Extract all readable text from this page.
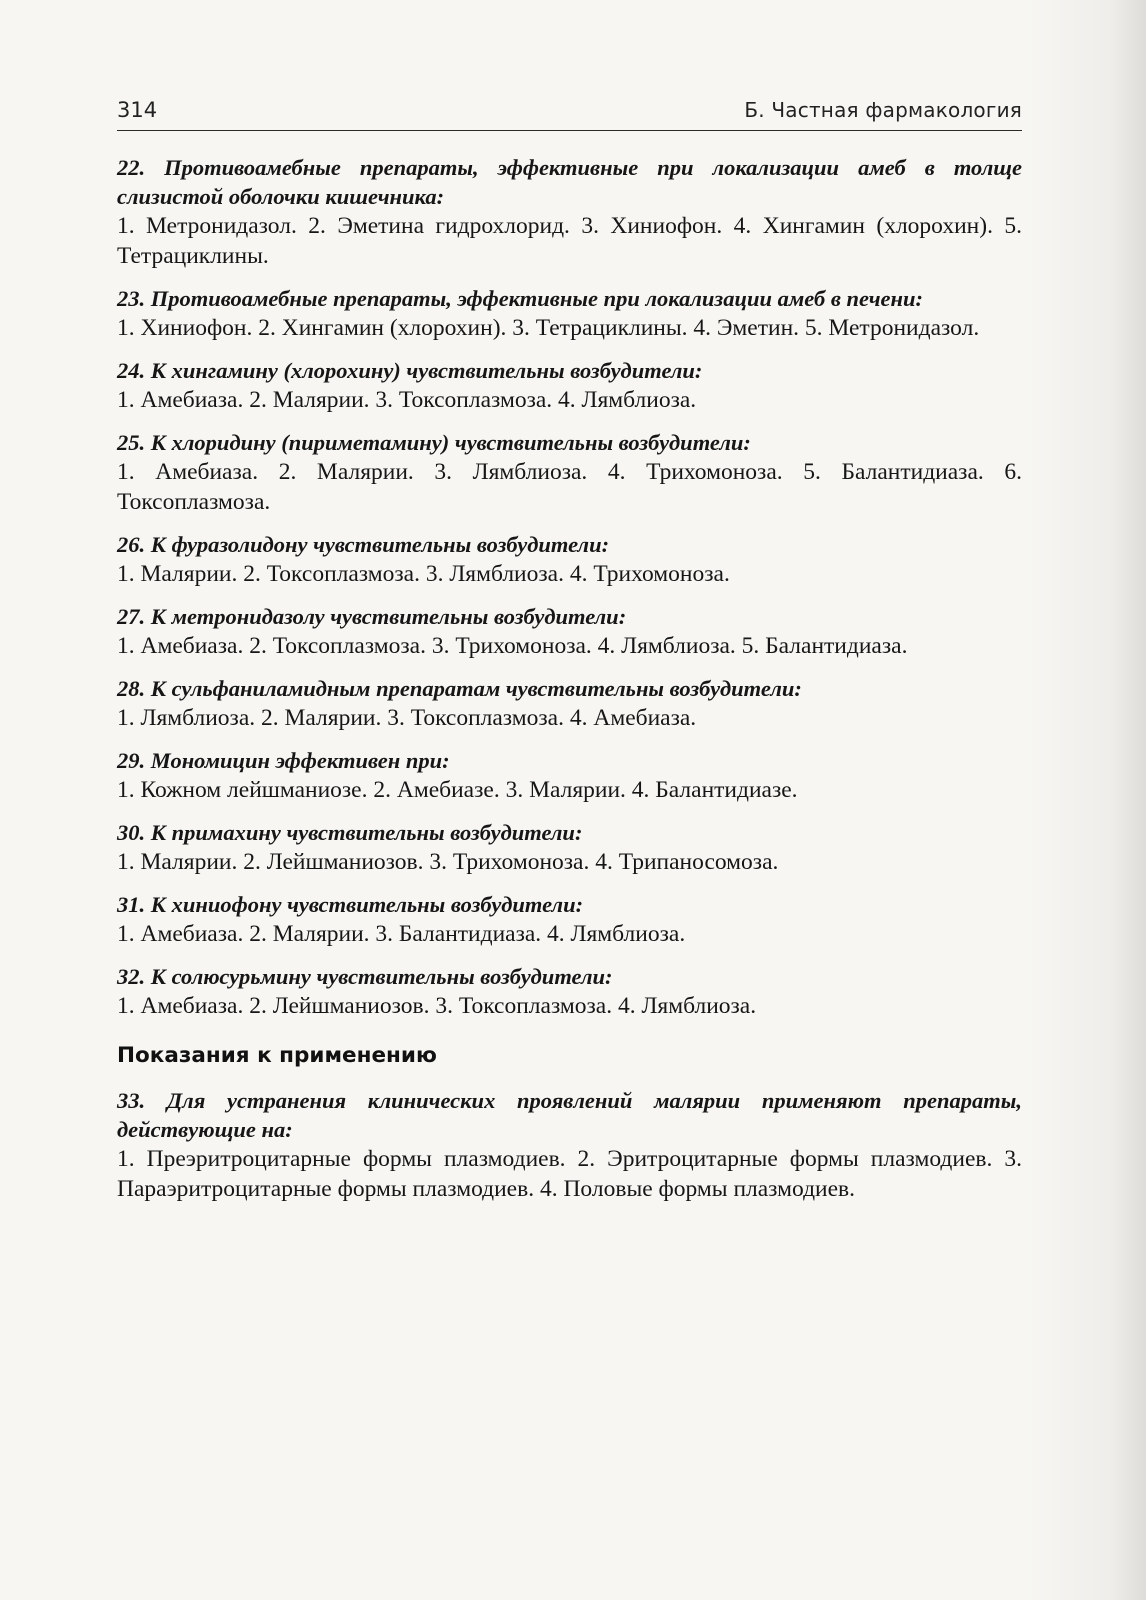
314	Б. Частная фармакология
22. Противоамебные препараты, эффективные при локализации амеб в толще слизистой оболочки кишечника:
1. Метронидазол. 2. Эметина гидрохлорид. 3. Хиниофон. 4. Хингамин (хлорохин). 5. Тетрациклины.
23. Противоамебные препараты, эффективные при локализации амеб в печени:
1. Хиниофон. 2. Хингамин (хлорохин). 3. Тетрациклины. 4. Эметин. 5. Метронидазол.
24. К хингамину (хлорохину) чувствительны возбудители:
1. Амебиаза. 2. Малярии. 3. Токсоплазмоза. 4. Лямблиоза.
25. К хлоридину (пириметамину) чувствительны возбудители:
1. Амебиаза. 2. Малярии. 3. Лямблиоза. 4. Трихомоноза. 5. Балантидиаза. 6. Токсоплазмоза.
26. К фуразолидону чувствительны возбудители:
1. Малярии. 2. Токсоплазмоза. 3. Лямблиоза. 4. Трихомоноза.
27. К метронидазолу чувствительны возбудители:
1. Амебиаза. 2. Токсоплазмоза. 3. Трихомоноза. 4. Лямблиоза. 5. Балантидиаза.
28. К сульфаниламидным препаратам чувствительны возбудители:
1. Лямблиоза. 2. Малярии. 3. Токсоплазмоза. 4. Амебиаза.
29. Мономицин эффективен при:
1. Кожном лейшманиозе. 2. Амебиазе. 3. Малярии. 4. Балантидиазе.
30. К примахину чувствительны возбудители:
1. Малярии. 2. Лейшманиозов. 3. Трихомоноза. 4. Трипаносомоза.
31. К хиниофону чувствительны возбудители:
1. Амебиаза. 2. Малярии. 3. Балантидиаза. 4. Лямблиоза.
32. К солюсурьмину чувствительны возбудители:
1. Амебиаза. 2. Лейшманиозов. 3. Токсоплазмоза. 4. Лямблиоза.
Показания к применению
33. Для устранения клинических проявлений малярии применяют препараты, действующие на:
1. Преэритроцитарные формы плазмодиев. 2. Эритроцитарные формы плазмодиев. 3. Параэритроцитарные формы плазмодиев. 4. Половые формы плазмодиев.
